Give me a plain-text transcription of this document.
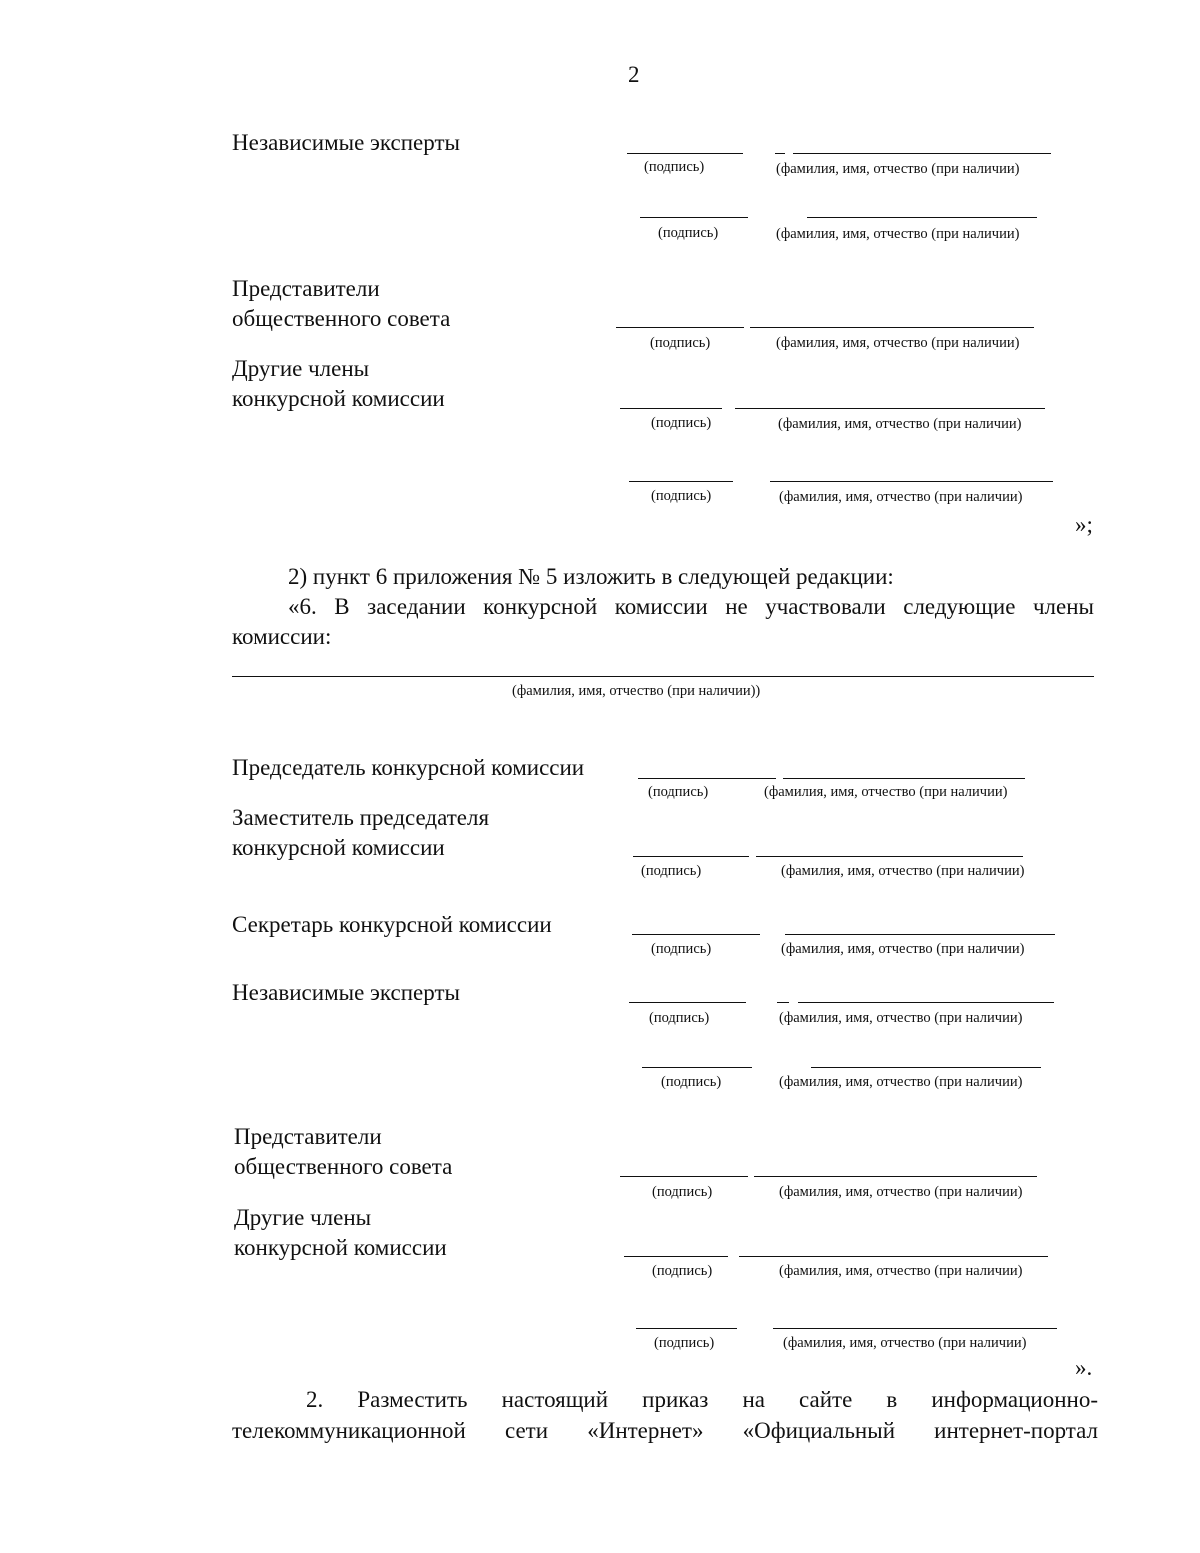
2
Независимые эксперты
(подпись)	(фамилия, имя, отчество (при наличии)
(подпись)	(фамилия, имя, отчество (при наличии)
Представители
общественного совета
(подпись)	(фамилия, имя, отчество (при наличии)
Другие члены
конкурсной комиссии
(подпись)	(фамилия, имя, отчество (при наличии)
(подпись)	(фамилия, имя, отчество (при наличии)
»;
2) пункт 6 приложения № 5 изложить в следующей редакции:
«6. В заседании конкурсной комиссии не участвовали следующие члены
комиссии:
(фамилия, имя, отчество (при наличии))
Председатель конкурсной комиссии
(подпись)	(фамилия, имя, отчество (при наличии)
Заместитель председателя
конкурсной комиссии
(подпись)	(фамилия, имя, отчество (при наличии)
Секретарь конкурсной комиссии
(подпись)	(фамилия, имя, отчество (при наличии)
Независимые эксперты
(подпись)	(фамилия, имя, отчество (при наличии)
(подпись)	(фамилия, имя, отчество (при наличии)
Представители
общественного совета
(подпись)	(фамилия, имя, отчество (при наличии)
Другие члены
конкурсной комиссии
(подпись)	(фамилия, имя, отчество (при наличии)
(подпись)	(фамилия, имя, отчество (при наличии)
».
2. Разместить настоящий приказ на сайте в информационно-
телекоммуникационной сети «Интернет» «Официальный интернет-портал
